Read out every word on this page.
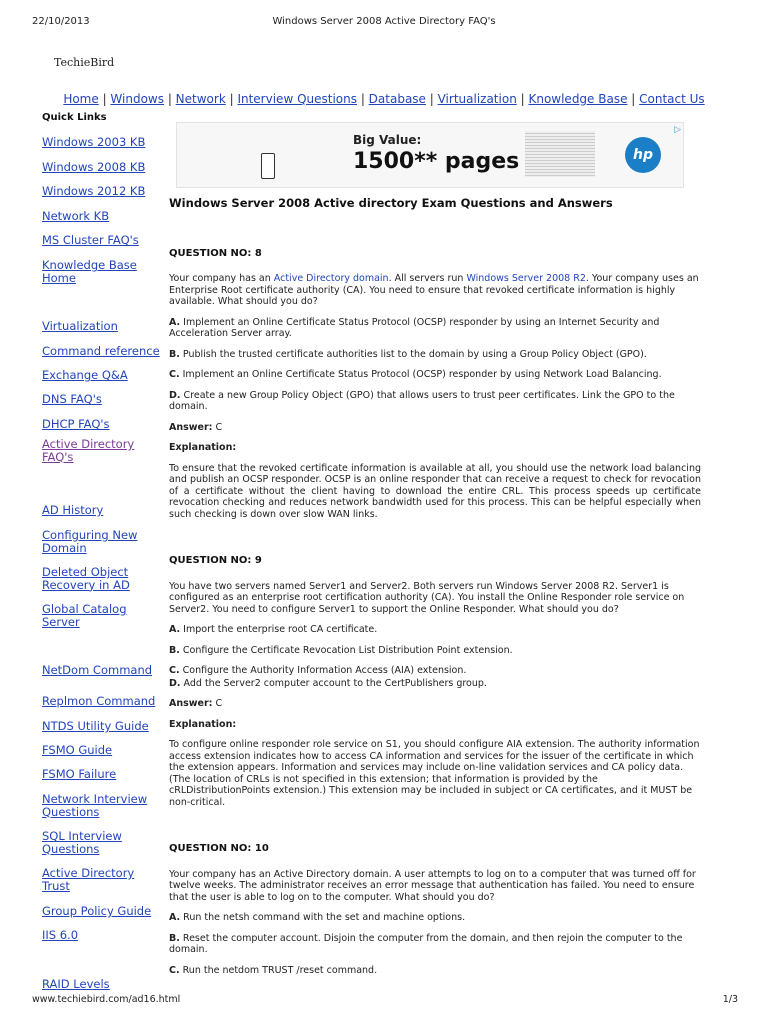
22/10/2013	Windows Server 2008 Active Directory FAQ's
TechieBird
Home | Windows | Network | Interview Questions | Database | Virtualization | Knowledge Base | Contact Us
Quick Links
Windows 2003 KB
Windows 2008 KB
Windows 2012 KB
Network KB
MS Cluster FAQ's
Knowledge Base Home
Virtualization
Command reference
Exchange Q&A
DNS FAQ's
DHCP FAQ's
Active Directory FAQ's
AD History
Configuring New Domain
Deleted Object Recovery in AD
Global Catalog Server
NetDom Command
Replmon Command
NTDS Utility Guide
FSMO Guide
FSMO Failure
Network Interview Questions
SQL Interview Questions
Active Directory Trust
Group Policy Guide
IIS 6.0
RAID Levels
Big Value:
1500** pages	hp
▷
Windows Server 2008 Active directory Exam Questions and Answers
QUESTION NO: 8

Your company has an Active Directory domain. All servers run Windows Server 2008 R2. Your company uses an Enterprise Root certificate authority (CA). You need to ensure that revoked certificate information is highly available. What should you do?

A. Implement an Online Certificate Status Protocol (OCSP) responder by using an Internet Security and Acceleration Server array.

B. Publish the trusted certificate authorities list to the domain by using a Group Policy Object (GPO).

C. Implement an Online Certificate Status Protocol (OCSP) responder by using Network Load Balancing.

D. Create a new Group Policy Object (GPO) that allows users to trust peer certificates. Link the GPO to the domain.

Answer: C

Explanation:

To ensure that the revoked certificate information is available at all, you should use the network load balancing and publish an OCSP responder. OCSP is an online responder that can receive a request to check for revocation of a certificate without the client having to download the entire CRL. This process speeds up certificate revocation checking and reduces network bandwidth used for this process. This can be helpful especially when such checking is down over slow WAN links.

QUESTION NO: 9

You have two servers named Server1 and Server2. Both servers run Windows Server 2008 R2. Server1 is configured as an enterprise root certification authority (CA). You install the Online Responder role service on Server2. You need to configure Server1 to support the Online Responder. What should you do?

A. Import the enterprise root CA certificate.

B. Configure the Certificate Revocation List Distribution Point extension.

C. Configure the Authority Information Access (AIA) extension.

D. Add the Server2 computer account to the CertPublishers group.

Answer: C

Explanation:

To configure online responder role service on S1, you should configure AIA extension. The authority information access extension indicates how to access CA information and services for the issuer of the certificate in which the extension appears. Information and services may include on-line validation services and CA policy data. (The location of CRLs is not specified in this extension; that information is provided by the cRLDistributionPoints extension.) This extension may be included in subject or CA certificates, and it MUST be non-critical.

QUESTION NO: 10

Your company has an Active Directory domain. A user attempts to log on to a computer that was turned off for twelve weeks. The administrator receives an error message that authentication has failed. You need to ensure that the user is able to log on to the computer. What should you do?

A. Run the netsh command with the set and machine options.

B. Reset the computer account. Disjoin the computer from the domain, and then rejoin the computer to the domain.

C. Run the netdom TRUST /reset command.

www.techiebird.com/ad16.html	1/3
